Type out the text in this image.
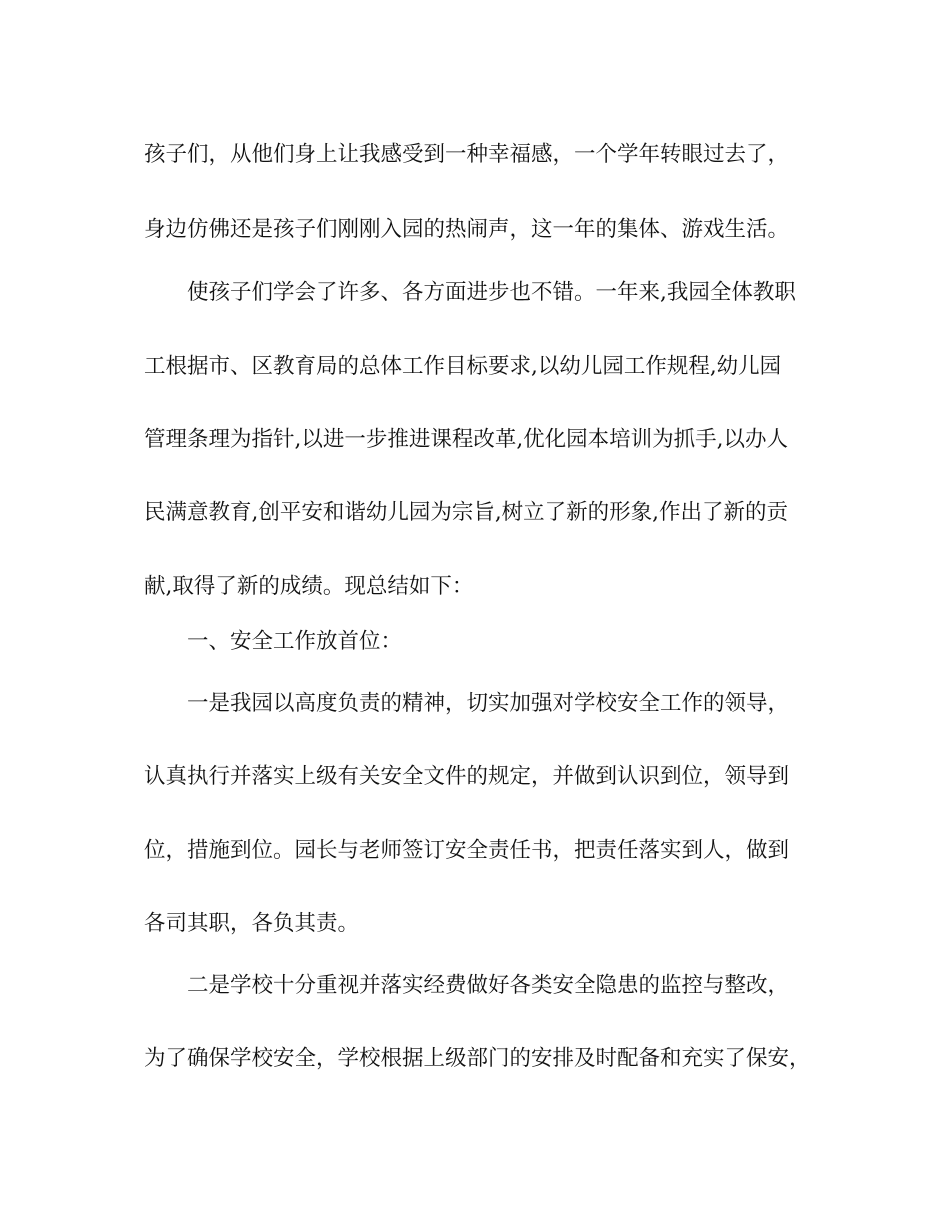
孩子们，从他们身上让我感受到一种幸福感，一个学年转眼过去了，
身边仿佛还是孩子们刚刚入园的热闹声，这一年的集体、游戏生活。
使孩子们学会了许多、各方面进步也不错。一年来,我园全体教职
工根据市、区教育局的总体工作目标要求,以幼儿园工作规程,幼儿园
管理条理为指针,以进一步推进课程改革,优化园本培训为抓手,以办人
民满意教育,创平安和谐幼儿园为宗旨,树立了新的形象,作出了新的贡
献,取得了新的成绩。现总结如下：
一、安全工作放首位：
一是我园以高度负责的精神，切实加强对学校安全工作的领导，
认真执行并落实上级有关安全文件的规定，并做到认识到位，领导到
位，措施到位。园长与老师签订安全责任书，把责任落实到人，做到
各司其职，各负其责。
二是学校十分重视并落实经费做好各类安全隐患的监控与整改，
为了确保学校安全，学校根据上级部门的安排及时配备和充实了保安，
